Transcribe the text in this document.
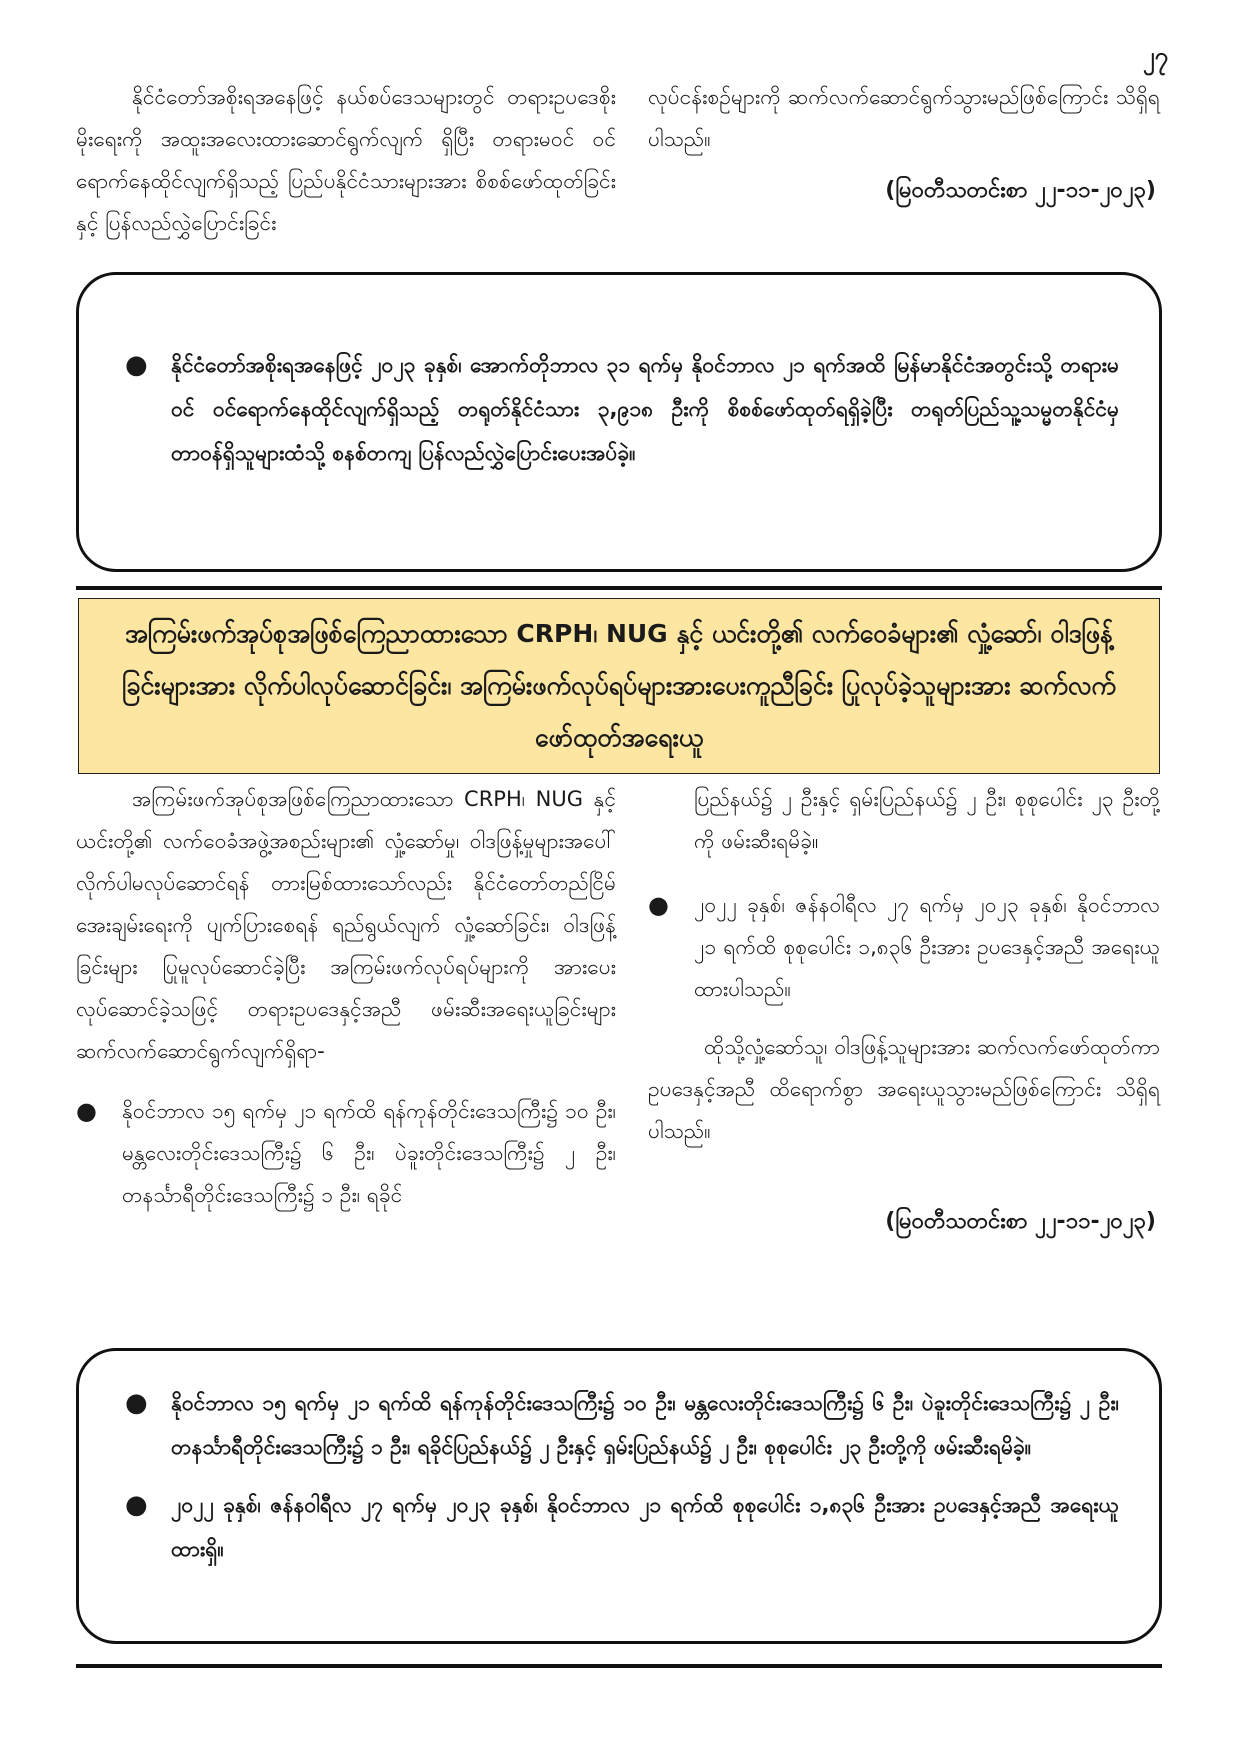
၂၇

နိုင်ငံတော်အစိုးရအနေဖြင့် နယ်စပ်ဒေသများတွင် တရားဥပဒေစိုးမိုးရေးကို အထူးအလေးထားဆောင်ရွက်လျက် ရှိပြီး တရားမဝင် ဝင်ရောက်နေထိုင်လျက်ရှိသည့် ပြည်ပနိုင်ငံသားများအား စိစစ်ဖော်ထုတ်ခြင်းနှင့် ပြန်လည်လွှဲပြောင်းခြင်း

လုပ်ငန်းစဉ်များကို ဆက်လက်ဆောင်ရွက်သွားမည်ဖြစ်ကြောင်း သိရှိရပါသည်။

(မြဝတီသတင်းစာ ၂၂-၁၁-၂၀၂၃)
● နိုင်ငံတော်အစိုးရအနေဖြင့် ၂၀၂၃ ခုနှစ်၊ အောက်တိုဘာလ ၃၁ ရက်မှ နိုဝင်ဘာလ ၂၁ ရက်အထိ မြန်မာနိုင်ငံအတွင်းသို့ တရားမဝင် ဝင်ရောက်နေထိုင်လျက်ရှိသည့် တရုတ်နိုင်ငံသား ၃,၉၁၈ ဦးကို စိစစ်ဖော်ထုတ်ရရှိခဲ့ပြီး တရုတ်ပြည်သူ့သမ္မတနိုင်ငံမှ တာဝန်ရှိသူများထံသို့ စနစ်တကျ ပြန်လည်လွှဲပြောင်းပေးအပ်ခဲ့။
အကြမ်းဖက်အုပ်စုအဖြစ်ကြေညာထားသော CRPH၊ NUG နှင့် ယင်းတို့၏ လက်ဝေခံများ၏ လှုံ့ဆော်၊ ဝါဒဖြန့်ခြင်းများအား လိုက်ပါလုပ်ဆောင်ခြင်း၊ အကြမ်းဖက်လုပ်ရပ်များအားပေးကူညီခြင်း ပြုလုပ်ခဲ့သူများအား ဆက်လက်ဖော်ထုတ်အရေးယူ

အကြမ်းဖက်အုပ်စုအဖြစ်ကြေညာထားသော CRPH၊ NUG နှင့် ယင်းတို့၏ လက်ဝေခံအဖွဲ့အစည်းများ၏ လှုံ့ဆော်မှု၊ ဝါဒဖြန့်မှုများအပေါ် လိုက်ပါမလုပ်ဆောင်ရန် တားမြစ်ထားသော်လည်း နိုင်ငံတော်တည်ငြိမ်အေးချမ်းရေးကို ပျက်ပြားစေရန် ရည်ရွယ်လျက် လှုံ့ဆော်ခြင်း၊ ဝါဒဖြန့်ခြင်းများ ပြုမူလုပ်ဆောင်ခဲ့ပြီး အကြမ်းဖက်လုပ်ရပ်များကို အားပေးလုပ်ဆောင်ခဲ့သဖြင့် တရားဥပဒေနှင့်အညီ ဖမ်းဆီးအရေးယူခြင်းများ ဆက်လက်ဆောင်ရွက်လျက်ရှိရာ-

● နိုဝင်ဘာလ ၁၅ ရက်မှ ၂၁ ရက်ထိ ရန်ကုန်တိုင်းဒေသကြီး၌ ၁၀ ဦး၊ မန္တလေးတိုင်းဒေသကြီး၌ ၆ ဦး၊ ပဲခူးတိုင်းဒေသကြီး၌ ၂ ဦး၊ တနင်္သာရီတိုင်းဒေသကြီး၌ ၁ ဦး၊ ရခိုင်

ပြည်နယ်၌ ၂ ဦးနှင့် ရှမ်းပြည်နယ်၌ ၂ ဦး၊ စုစုပေါင်း ၂၃ ဦးတို့ကို ဖမ်းဆီးရမိခဲ့။

● ၂၀၂၂ ခုနှစ်၊ ဇန်နဝါရီလ ၂၇ ရက်မှ ၂၀၂၃ ခုနှစ်၊ နိုဝင်ဘာလ ၂၁ ရက်ထိ စုစုပေါင်း ၁,၈၃၆ ဦးအား ဥပဒေနှင့်အညီ အရေးယူထားပါသည်။

ထိုသို့လှုံ့ဆော်သူ၊ ဝါဒဖြန့်သူများအား ဆက်လက်ဖော်ထုတ်ကာ ဥပဒေနှင့်အညီ ထိရောက်စွာ အရေးယူသွားမည်ဖြစ်ကြောင်း သိရှိရပါသည်။

(မြဝတီသတင်းစာ ၂၂-၁၁-၂၀၂၃)
● နိုဝင်ဘာလ ၁၅ ရက်မှ ၂၁ ရက်ထိ ရန်ကုန်တိုင်းဒေသကြီး၌ ၁၀ ဦး၊ မန္တလေးတိုင်းဒေသကြီး၌ ၆ ဦး၊ ပဲခူးတိုင်းဒေသကြီး၌ ၂ ဦး၊ တနင်္သာရီတိုင်းဒေသကြီး၌ ၁ ဦး၊ ရခိုင်ပြည်နယ်၌ ၂ ဦးနှင့် ရှမ်းပြည်နယ်၌ ၂ ဦး၊ စုစုပေါင်း ၂၃ ဦးတို့ကို ဖမ်းဆီးရမိခဲ့။
● ၂၀၂၂ ခုနှစ်၊ ဇန်နဝါရီလ ၂၇ ရက်မှ ၂၀၂၃ ခုနှစ်၊ နိုဝင်ဘာလ ၂၁ ရက်ထိ စုစုပေါင်း ၁,၈၃၆ ဦးအား ဥပဒေနှင့်အညီ အရေးယူထားရှိ။
